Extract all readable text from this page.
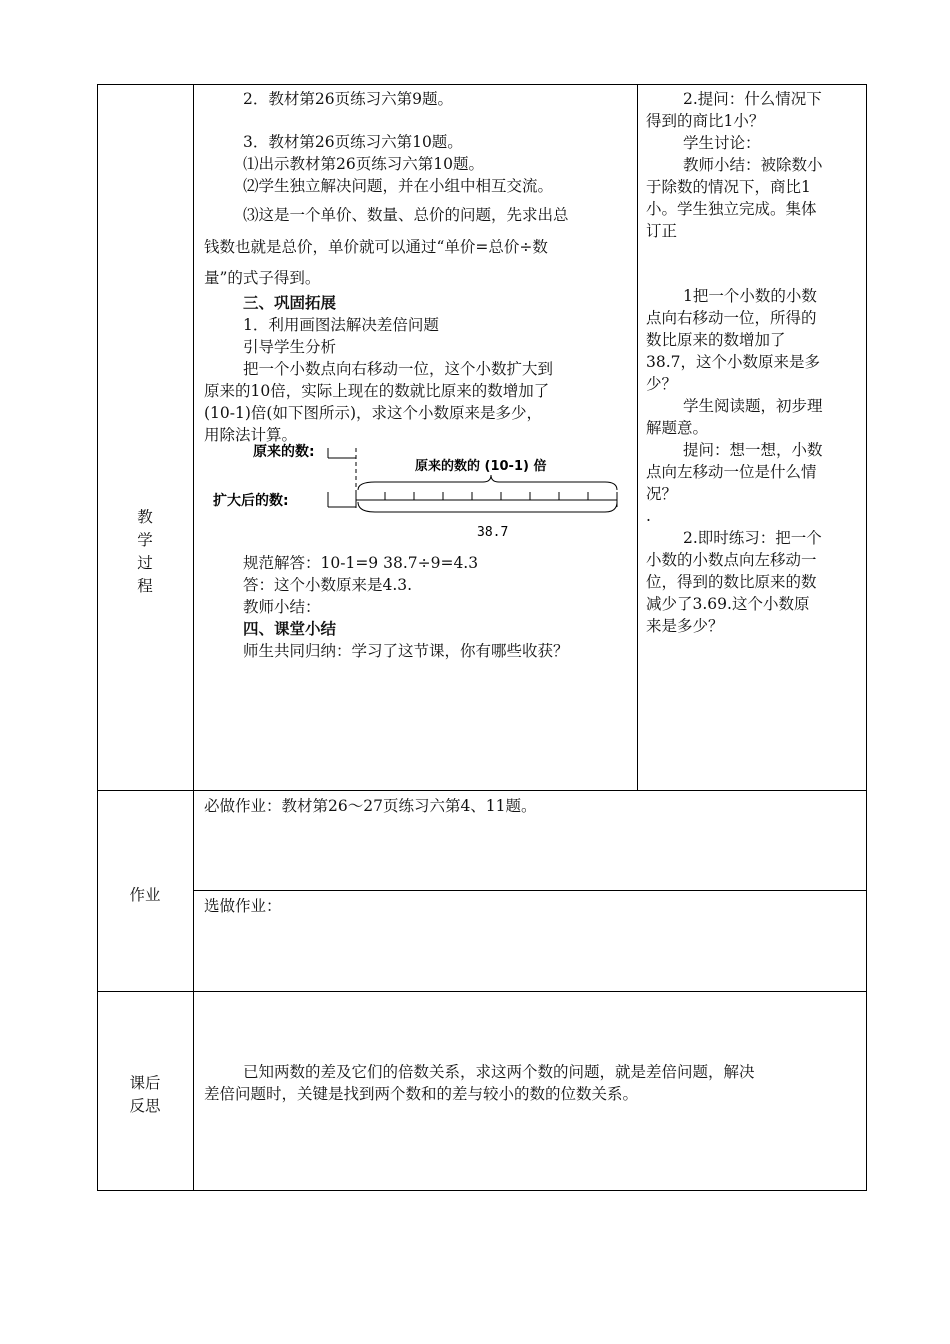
教
学
过
程
作业
课后
反思
2．教材第26页练习六第9题。
3．教材第26页练习六第10题。
⑴出示教材第26页练习六第10题。
⑵学生独立解决问题，并在小组中相互交流。
⑶这是一个单价、数量、总价的问题，先求出总
钱数也就是总价，单价就可以通过“单价=总价÷数
量”的式子得到。
三、巩固拓展
1．利用画图法解决差倍问题
引导学生分析
把一个小数点向右移动一位，这个小数扩大到
原来的10倍，实际上现在的数就比原来的数增加了
(10-1)倍(如下图所示)，求这个小数原来是多少，
用除法计算。
原来的数:
原来的数的 (10-1) 倍
扩大后的数:
38.7
规范解答：10-1=9 38.7÷9=4.3
答：这个小数原来是4.3.
教师小结：
四、课堂小结
师生共同归纳：学习了这节课，你有哪些收获？
2.提问：什么情况下
得到的商比1小？
学生讨论：
教师小结：被除数小
于除数的情况下，商比1
小。学生独立完成。集体
订正
1把一个小数的小数
点向右移动一位，所得的
数比原来的数增加了
38.7，这个小数原来是多
少？
学生阅读题，初步理
解题意。
提问：想一想，小数
点向左移动一位是什么情
况？
.
2.即时练习：把一个
小数的小数点向左移动一
位，得到的数比原来的数
减少了3.69.这个小数原
来是多少？
必做作业：教材第26～27页练习六第4、11题。
选做作业：
已知两数的差及它们的倍数关系，求这两个数的问题，就是差倍问题，解决
差倍问题时，关键是找到两个数和的差与较小的数的位数关系。
